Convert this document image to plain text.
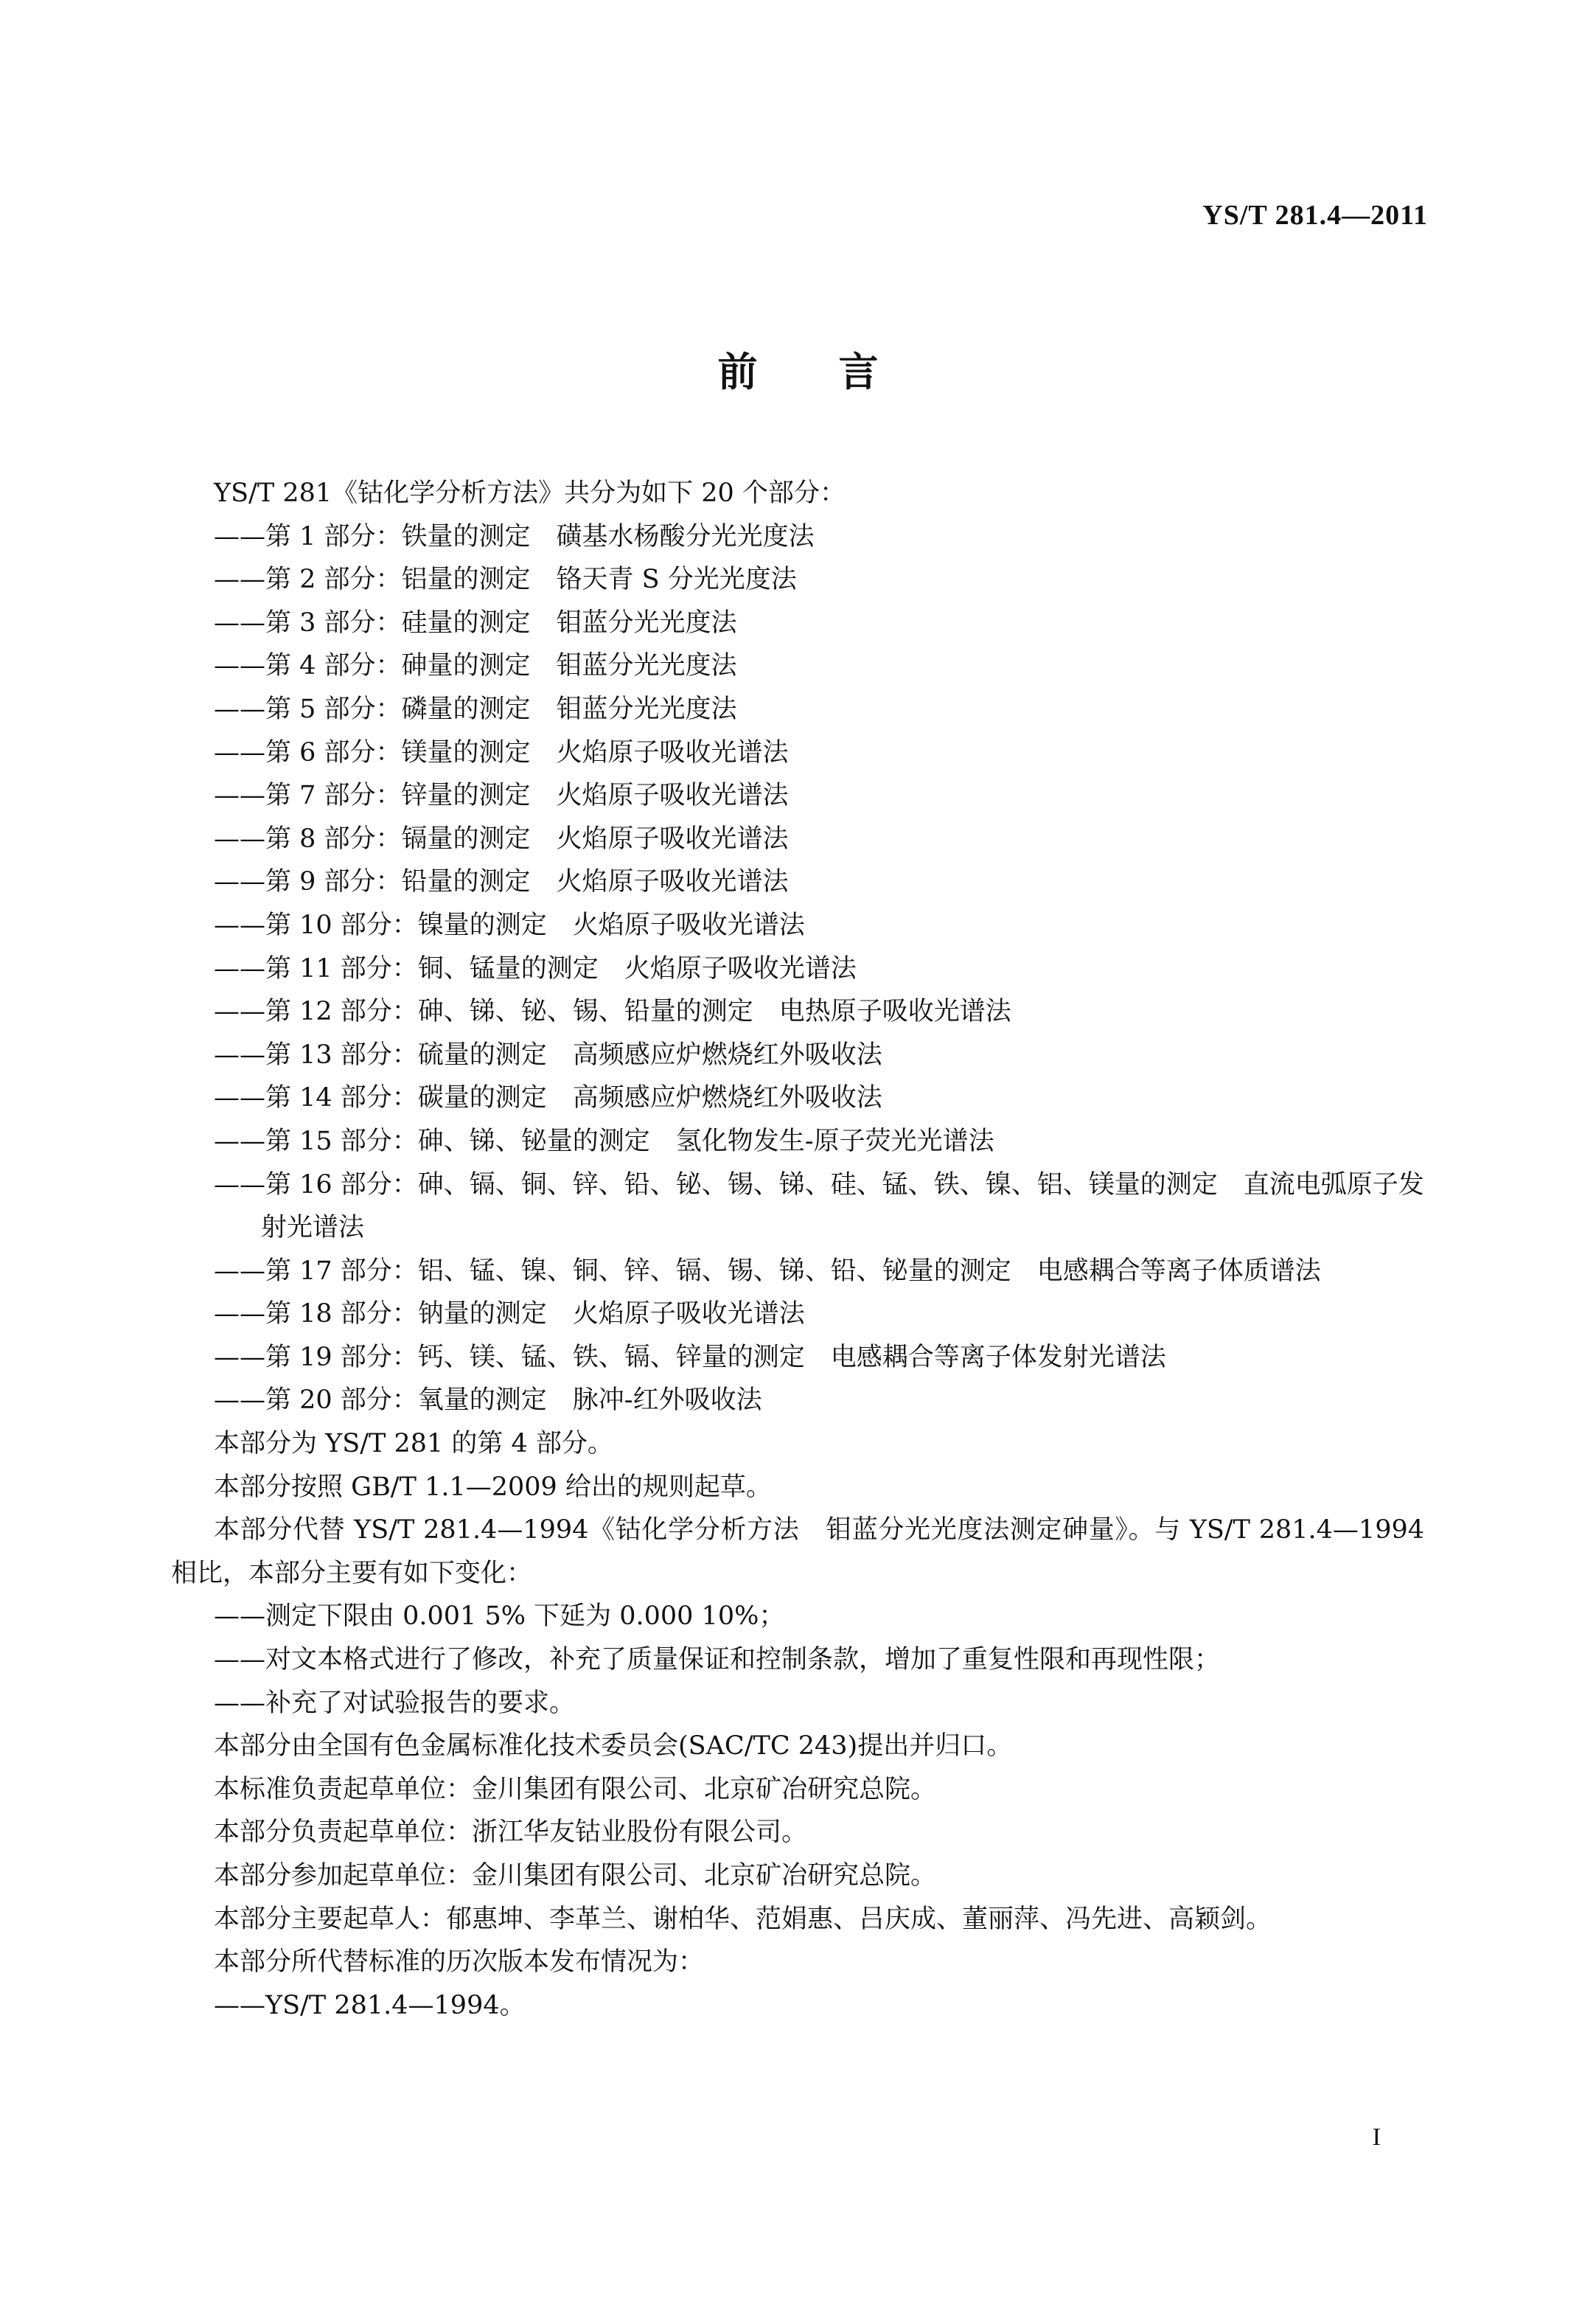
YS/T 281.4—2011
前言

YS/T 281《钴化学分析方法》共分为如下 20 个部分：

——第 1 部分：铁量的测定　磺基水杨酸分光光度法
——第 2 部分：铝量的测定　铬天青 S 分光光度法
——第 3 部分：硅量的测定　钼蓝分光光度法
——第 4 部分：砷量的测定　钼蓝分光光度法
——第 5 部分：磷量的测定　钼蓝分光光度法
——第 6 部分：镁量的测定　火焰原子吸收光谱法
——第 7 部分：锌量的测定　火焰原子吸收光谱法
——第 8 部分：镉量的测定　火焰原子吸收光谱法
——第 9 部分：铅量的测定　火焰原子吸收光谱法
——第 10 部分：镍量的测定　火焰原子吸收光谱法
——第 11 部分：铜、锰量的测定　火焰原子吸收光谱法
——第 12 部分：砷、锑、铋、锡、铅量的测定　电热原子吸收光谱法
——第 13 部分：硫量的测定　高频感应炉燃烧红外吸收法
——第 14 部分：碳量的测定　高频感应炉燃烧红外吸收法
——第 15 部分：砷、锑、铋量的测定　氢化物发生-原子荧光光谱法
——第 16 部分：砷、镉、铜、锌、铅、铋、锡、锑、硅、锰、铁、镍、铝、镁量的测定　直流电弧原子发射光谱法
——第 17 部分：铝、锰、镍、铜、锌、镉、锡、锑、铅、铋量的测定　电感耦合等离子体质谱法
——第 18 部分：钠量的测定　火焰原子吸收光谱法
——第 19 部分：钙、镁、锰、铁、镉、锌量的测定　电感耦合等离子体发射光谱法
——第 20 部分：氧量的测定　脉冲-红外吸收法

本部分为 YS/T 281 的第 4 部分。

本部分按照 GB/T 1.1—2009 给出的规则起草。

本部分代替 YS/T 281.4—1994《钴化学分析方法　钼蓝分光光度法测定砷量》。与 YS/T 281.4—1994 相比，本部分主要有如下变化：

——测定下限由 0.001 5% 下延为 0.000 10%；
——对文本格式进行了修改，补充了质量保证和控制条款，增加了重复性限和再现性限；
——补充了对试验报告的要求。

本部分由全国有色金属标准化技术委员会(SAC/TC 243)提出并归口。

本标准负责起草单位：金川集团有限公司、北京矿冶研究总院。

本部分负责起草单位：浙江华友钴业股份有限公司。

本部分参加起草单位：金川集团有限公司、北京矿冶研究总院。

本部分主要起草人：郁惠坤、李革兰、谢柏华、范娟惠、吕庆成、董丽萍、冯先进、高颖剑。

本部分所代替标准的历次版本发布情况为：

——YS/T 281.4—1994。
I
